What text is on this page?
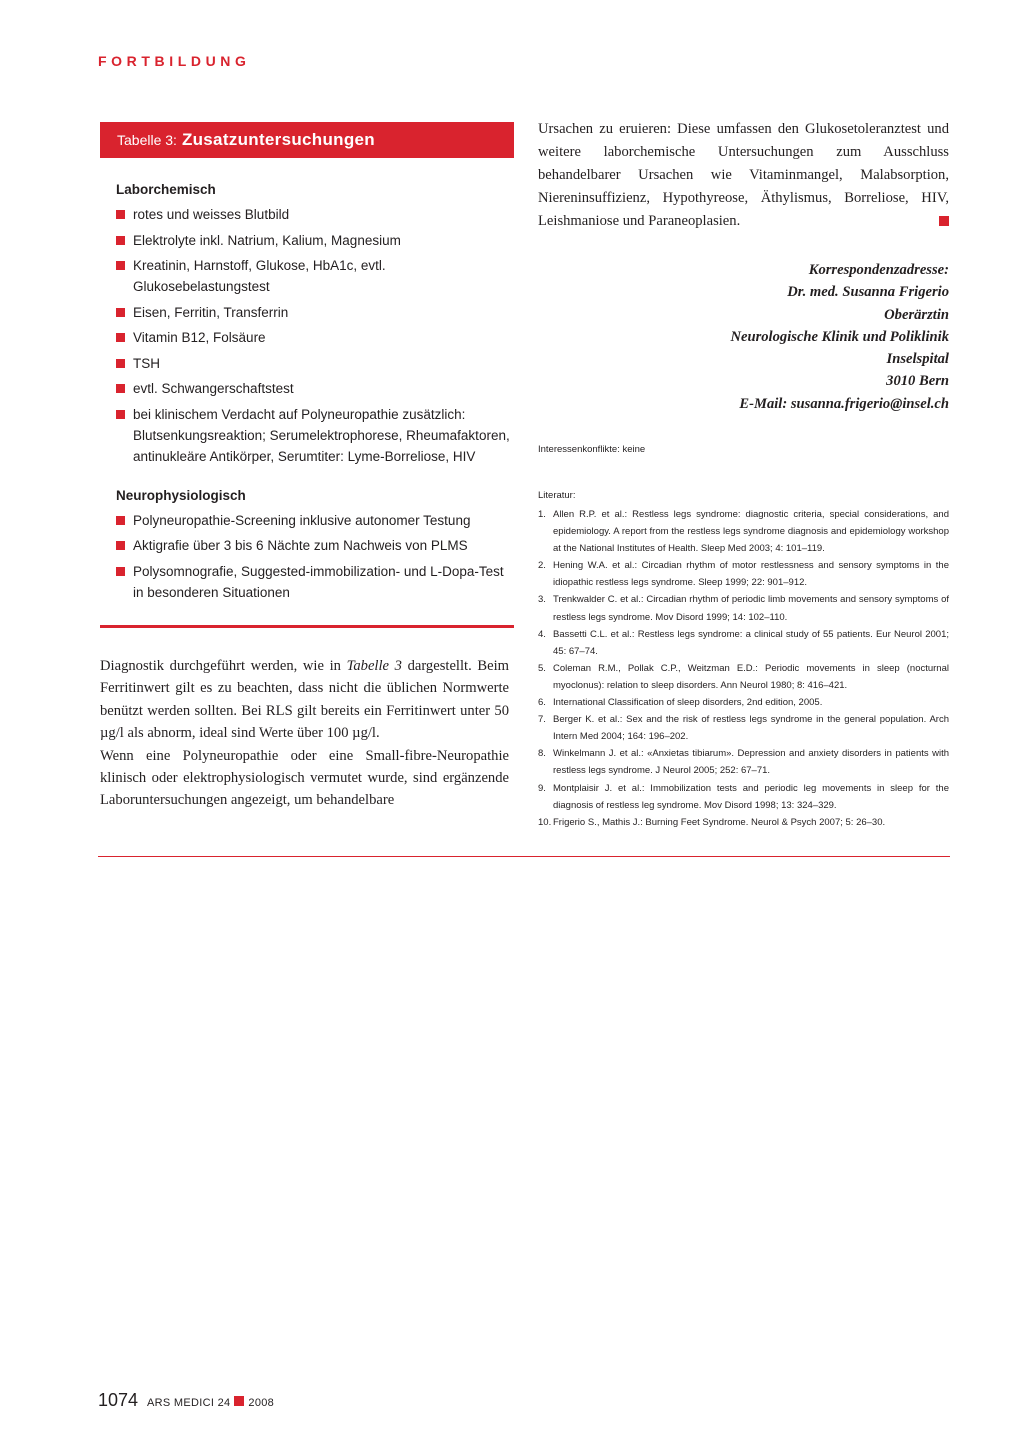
FORTBILDUNG
Tabelle 3: Zusatzuntersuchungen
Laborchemisch
rotes und weisses Blutbild
Elektrolyte inkl. Natrium, Kalium, Magnesium
Kreatinin, Harnstoff, Glukose, HbA1c, evtl. Glukosebelastungstest
Eisen, Ferritin, Transferrin
Vitamin B12, Folsäure
TSH
evtl. Schwangerschaftstest
bei klinischem Verdacht auf Polyneuropathie zusätzlich: Blutsenkungsreaktion; Serumelektrophorese, Rheumafaktoren, antinukleäre Antikörper, Serumtiter: Lyme-Borreliose, HIV
Neurophysiologisch
Polyneuropathie-Screening inklusive autonomer Testung
Aktigrafie über 3 bis 6 Nächte zum Nachweis von PLMS
Polysomnografie, Suggested-immobilization- und L-Dopa-Test in besonderen Situationen

Diagnostik durchgeführt werden, wie in Tabelle 3 dargestellt. Beim Ferritinwert gilt es zu beachten, dass nicht die üblichen Normwerte benützt werden sollten. Bei RLS gilt bereits ein Ferritinwert unter 50 µg/l als abnorm, ideal sind Werte über 100 µg/l.

Wenn eine Polyneuropathie oder eine Small-fibre-Neuropathie klinisch oder elektrophysiologisch vermutet wurde, sind ergänzende Laboruntersuchungen angezeigt, um behandelbare

Ursachen zu eruieren: Diese umfassen den Glukosetoleranztest und weitere laborchemische Untersuchungen zum Ausschluss behandelbarer Ursachen wie Vitaminmangel, Malabsorption, Niereninsuffizienz, Hypothyreose, Äthylismus, Borreliose, HIV, Leishmaniose und Paraneoplasien.

Korrespondenzadresse:
Dr. med. Susanna Frigerio
Oberärztin
Neurologische Klinik und Poliklinik
Inselspital
3010 Bern
E-Mail: susanna.frigerio@insel.ch
Interessenkonflikte: keine
Literatur:
1. Allen R.P. et al.: Restless legs syndrome: diagnostic criteria, special considerations, and epidemiology. A report from the restless legs syndrome diagnosis and epidemiology workshop at the National Institutes of Health. Sleep Med 2003; 4: 101–119.
2. Hening W.A. et al.: Circadian rhythm of motor restlessness and sensory symptoms in the idiopathic restless legs syndrome. Sleep 1999; 22: 901–912.
3. Trenkwalder C. et al.: Circadian rhythm of periodic limb movements and sensory symptoms of restless legs syndrome. Mov Disord 1999; 14: 102–110.
4. Bassetti C.L. et al.: Restless legs syndrome: a clinical study of 55 patients. Eur Neurol 2001; 45: 67–74.
5. Coleman R.M., Pollak C.P., Weitzman E.D.: Periodic movements in sleep (nocturnal myoclonus): relation to sleep disorders. Ann Neurol 1980; 8: 416–421.
6. International Classification of sleep disorders, 2nd edition, 2005.
7. Berger K. et al.: Sex and the risk of restless legs syndrome in the general population. Arch Intern Med 2004; 164: 196–202.
8. Winkelmann J. et al.: «Anxietas tibiarum». Depression and anxiety disorders in patients with restless legs syndrome. J Neurol 2005; 252: 67–71.
9. Montplaisir J. et al.: Immobilization tests and periodic leg movements in sleep for the diagnosis of restless leg syndrome. Mov Disord 1998; 13: 324–329.
10. Frigerio S., Mathis J.: Burning Feet Syndrome. Neurol & Psych 2007; 5: 26–30.
1074 ARS MEDICI 24 2008
